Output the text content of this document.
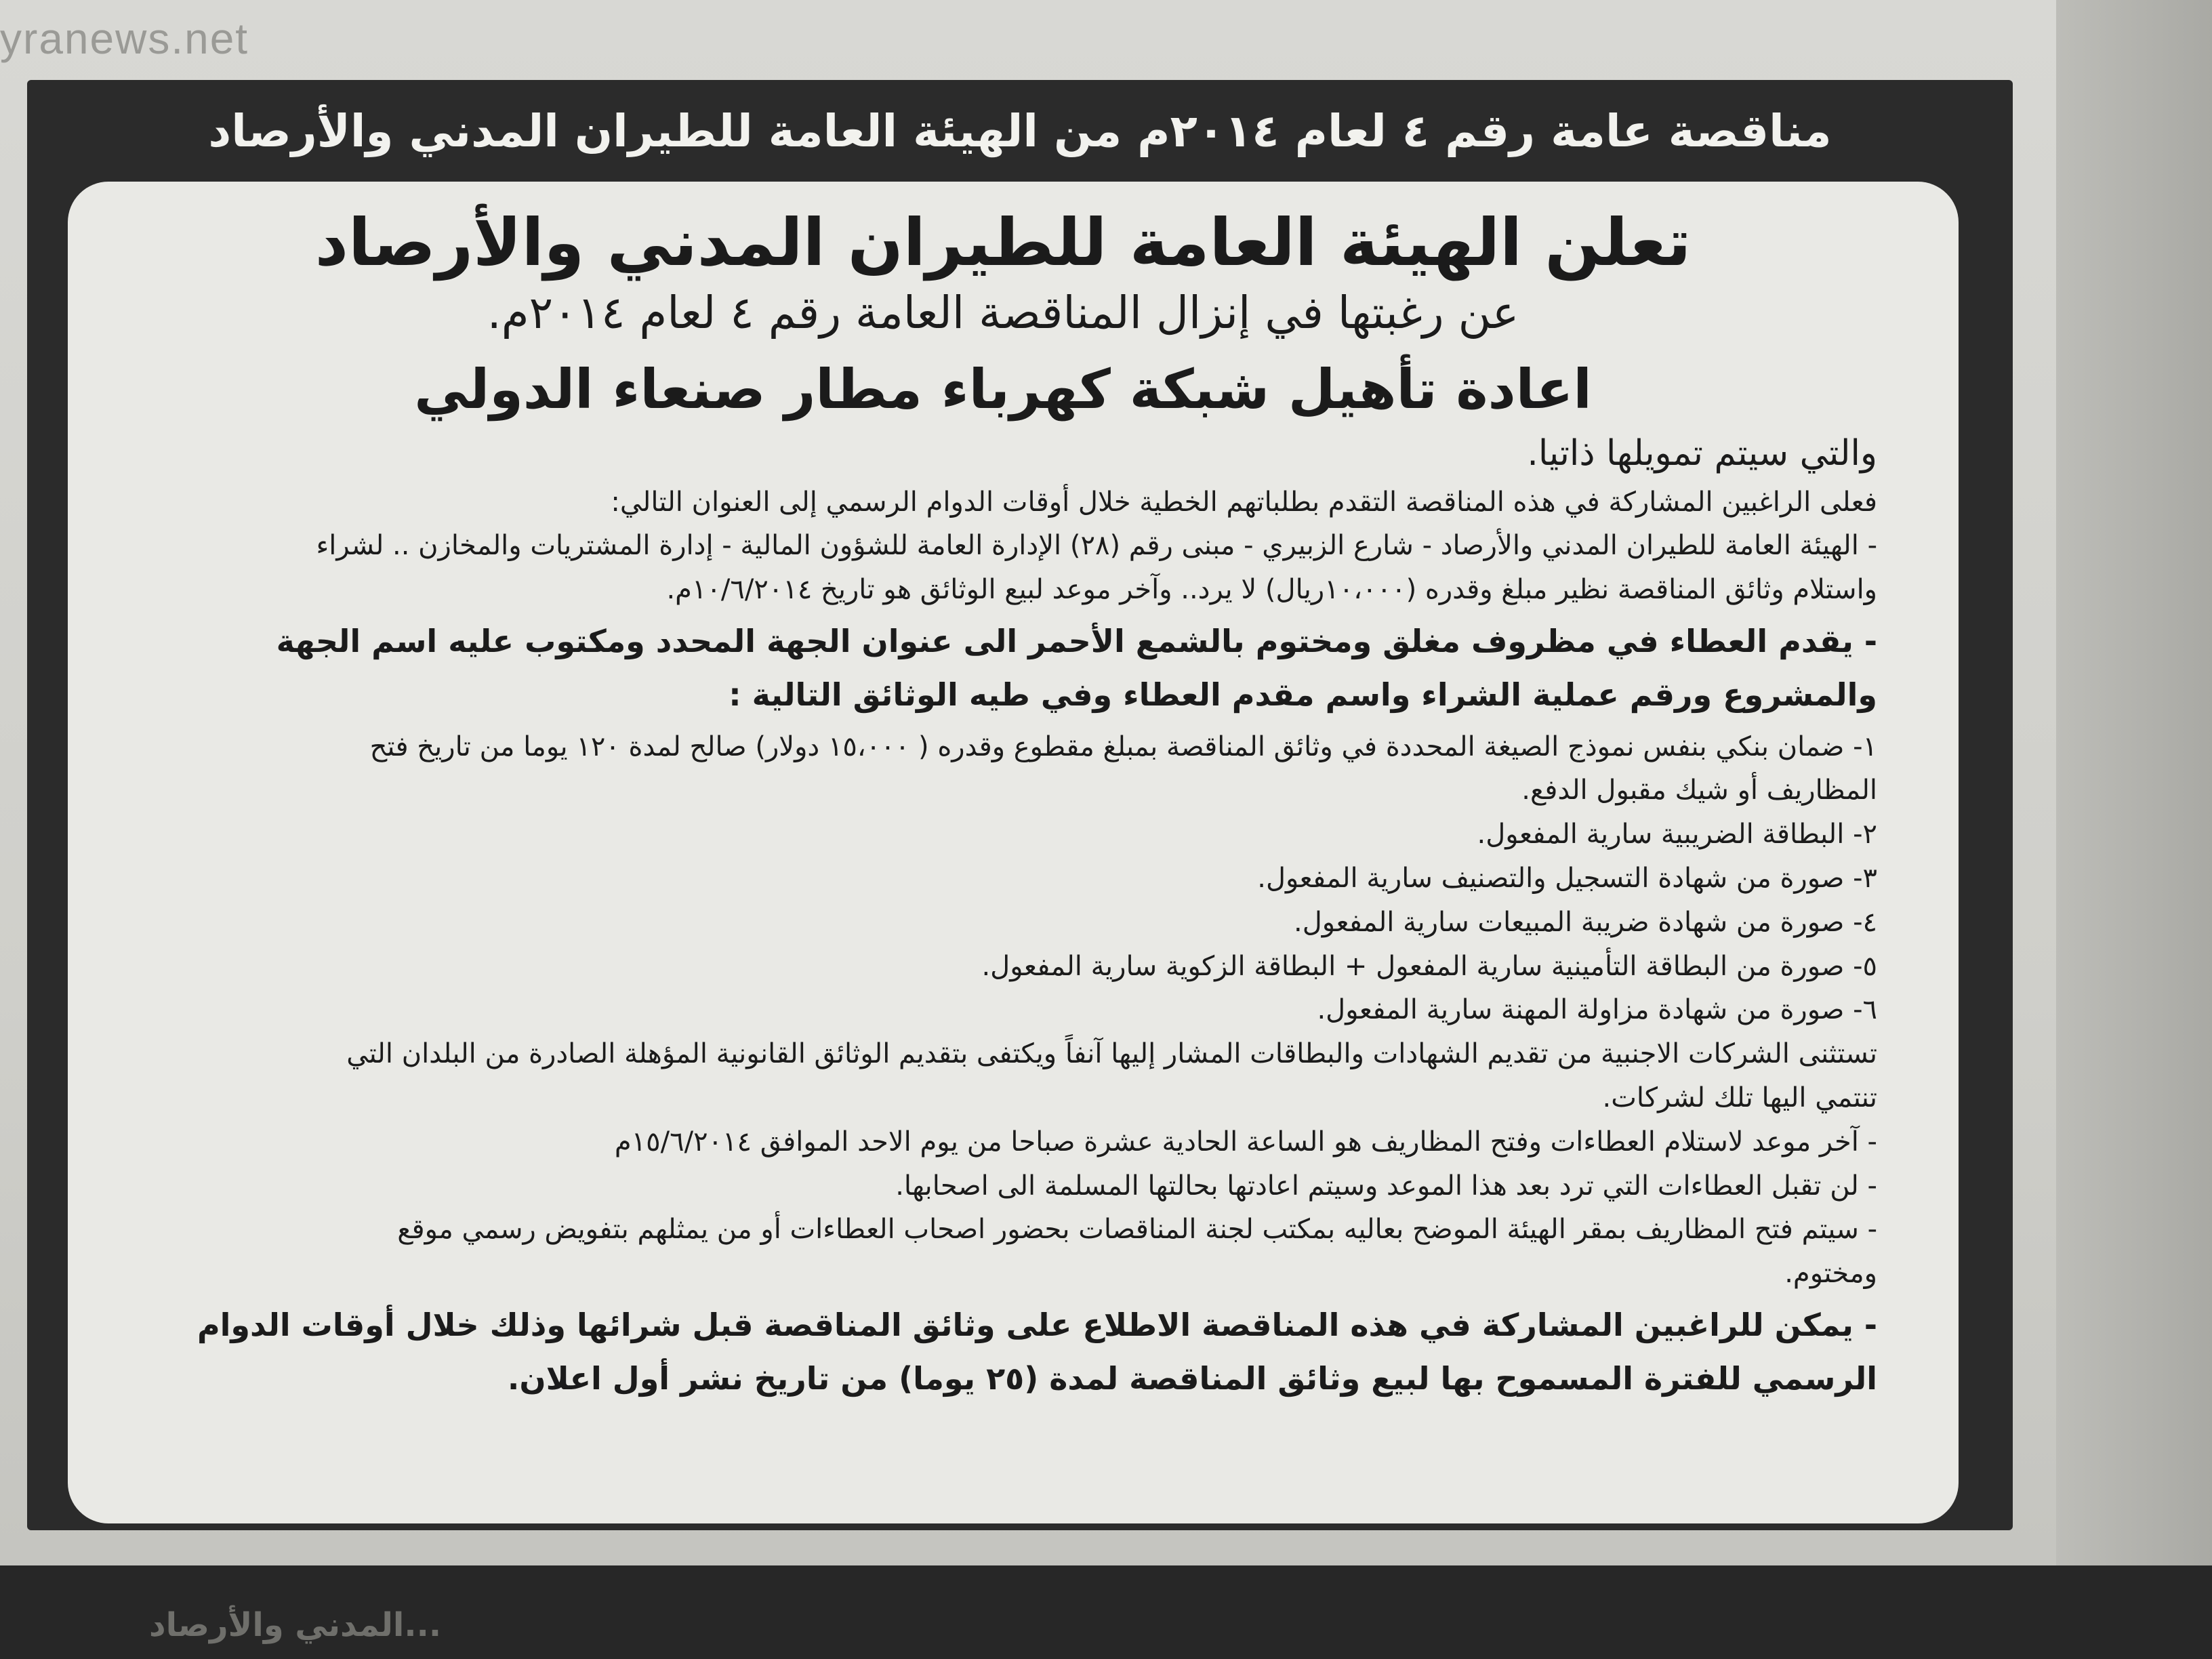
yranews.net
مناقصة عامة رقم ٤ لعام ٢٠١٤م من الهيئة العامة للطيران المدني والأرصاد

تعلن الهيئة العامة للطيران المدني والأرصاد

عن رغبتها في إنزال المناقصة العامة رقم ٤ لعام ٢٠١٤م.

اعادة تأهيل شبكة كهرباء مطار صنعاء الدولي

والتي سيتم تمويلها ذاتيا.

فعلى الراغبين المشاركة في هذه المناقصة التقدم بطلباتهم الخطية خلال أوقات الدوام الرسمي إلى العنوان التالي:

- الهيئة العامة للطيران المدني والأرصاد - شارع الزبيري - مبنى رقم (٢٨) الإدارة العامة للشؤون المالية - إدارة المشتريات والمخازن .. لشراء

واستلام وثائق المناقصة نظير مبلغ وقدره (١٠،٠٠٠ريال) لا يرد.. وآخر موعد لبيع الوثائق هو تاريخ ١٠/٦/٢٠١٤م.

- يقدم العطاء في مظروف مغلق ومختوم بالشمع الأحمر الى عنوان الجهة المحدد ومكتوب عليه اسم الجهة

والمشروع ورقم عملية الشراء واسم مقدم العطاء وفي طيه الوثائق التالية :

١- ضمان بنكي بنفس نموذج الصيغة المحددة في وثائق المناقصة بمبلغ مقطوع وقدره ( ١٥،٠٠٠ دولار) صالح لمدة ١٢٠ يوما من تاريخ فتح

المظاريف أو شيك مقبول الدفع.

٢- البطاقة الضريبية سارية المفعول.

٣- صورة من شهادة التسجيل والتصنيف سارية المفعول.

٤- صورة من شهادة ضريبة المبيعات سارية المفعول.

٥- صورة من البطاقة التأمينية سارية المفعول + البطاقة الزكوية سارية المفعول.

٦- صورة من شهادة مزاولة المهنة سارية المفعول.

تستثنى الشركات الاجنبية من تقديم الشهادات والبطاقات المشار إليها آنفاً ويكتفى بتقديم الوثائق القانونية المؤهلة الصادرة من البلدان التي

تنتمي اليها تلك لشركات.

- آخر موعد لاستلام العطاءات وفتح المظاريف هو الساعة الحادية عشرة صباحا من يوم الاحد الموافق ١٥/٦/٢٠١٤م

- لن تقبل العطاءات التي ترد بعد هذا الموعد وسيتم اعادتها بحالتها المسلمة الى اصحابها.

- سيتم فتح المظاريف بمقر الهيئة الموضح بعاليه بمكتب لجنة المناقصات بحضور اصحاب العطاءات أو من يمثلهم بتفويض رسمي موقع

ومختوم.

- يمكن للراغبين المشاركة في هذه المناقصة الاطلاع على وثائق المناقصة قبل شرائها وذلك خلال أوقات الدوام

الرسمي للفترة المسموح بها لبيع وثائق المناقصة لمدة (٢٥ يوما) من تاريخ نشر أول اعلان.

...المدني والأرصاد
